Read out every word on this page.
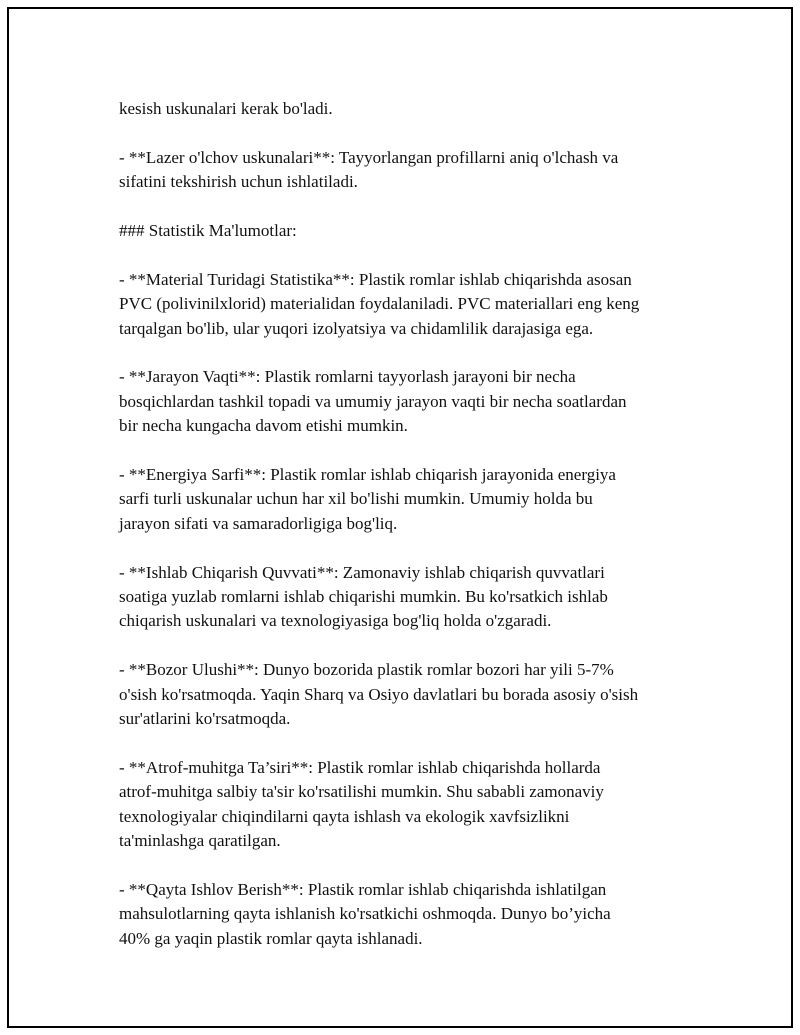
kesish uskunalari kerak bo'ladi.

- **Lazer o'lchov uskunalari**: Tayyorlangan profillarni aniq o'lchash va
sifatini tekshirish uchun ishlatiladi.

### Statistik Ma'lumotlar:

- **Material Turidagi Statistika**: Plastik romlar ishlab chiqarishda asosan
PVC (polivinilxlorid) materialidan foydalaniladi. PVC materiallari eng keng
tarqalgan bo'lib, ular yuqori izolyatsiya va chidamlilik darajasiga ega.

- **Jarayon Vaqti**: Plastik romlarni tayyorlash jarayoni bir necha
bosqichlardan tashkil topadi va umumiy jarayon vaqti bir necha soatlardan
bir necha kungacha davom etishi mumkin.

- **Energiya Sarfi**: Plastik romlar ishlab chiqarish jarayonida energiya
sarfi turli uskunalar uchun har xil bo'lishi mumkin. Umumiy holda bu
jarayon sifati va samaradorligiga bog'liq.

- **Ishlab Chiqarish Quvvati**: Zamonaviy ishlab chiqarish quvvatlari
soatiga yuzlab romlarni ishlab chiqarishi mumkin. Bu ko'rsatkich ishlab
chiqarish uskunalari va texnologiyasiga bog'liq holda o'zgaradi.

- **Bozor Ulushi**: Dunyo bozorida plastik romlar bozori har yili 5-7%
o'sish ko'rsatmoqda. Yaqin Sharq va Osiyo davlatlari bu borada asosiy o'sish
sur'atlarini ko'rsatmoqda.

- **Atrof-muhitga Ta’siri**: Plastik romlar ishlab chiqarishda hollarda
atrof-muhitga salbiy ta'sir ko'rsatilishi mumkin. Shu sababli zamonaviy
texnologiyalar chiqindilarni qayta ishlash va ekologik xavfsizlikni
ta'minlashga qaratilgan.

- **Qayta Ishlov Berish**: Plastik romlar ishlab chiqarishda ishlatilgan
mahsulotlarning qayta ishlanish ko'rsatkichi oshmoqda. Dunyo bo’yicha
40% ga yaqin plastik romlar qayta ishlanadi.
